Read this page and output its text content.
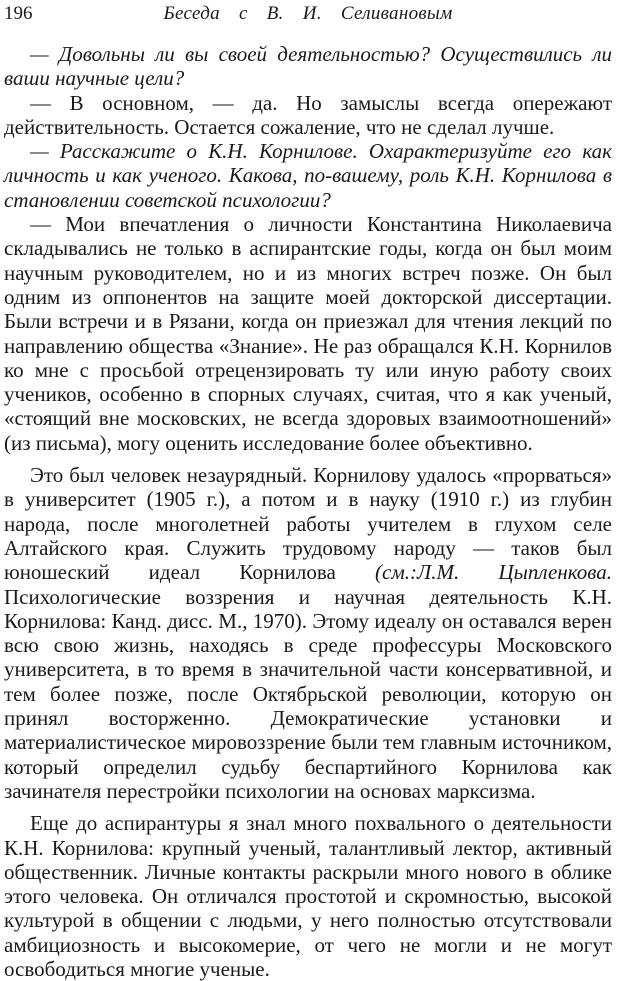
196	Беседа с В. И. Селивановым

— Довольны ли вы своей деятельностью? Осуществились ли ваши научные цели?

— В основном, — да. Но замыслы всегда опережают действительность. Остается сожаление, что не сделал лучше.

— Расскажите о К.Н. Корнилове. Охарактеризуйте его как личность и как ученого. Какова, по-вашему, роль К.Н. Корнилова в становлении советской психологии?

— Мои впечатления о личности Константина Николаевича складывались не только в аспирантские годы, когда он был моим научным руководителем, но и из многих встреч позже. Он был одним из оппонентов на защите моей докторской диссертации. Были встречи и в Рязани, когда он приезжал для чтения лекций по направлению общества «Знание». Не раз обращался К.Н. Корнилов ко мне с просьбой отрецензировать ту или иную работу своих учеников, особенно в спорных случаях, считая, что я как ученый, «стоящий вне московских, не всегда здоровых взаимоотношений» (из письма), могу оценить исследование более объективно.

Это был человек незаурядный. Корнилову удалось «прорваться» в университет (1905 г.), а потом и в науку (1910 г.) из глубин народа, после многолетней работы учителем в глухом селе Алтайского края. Служить трудовому народу — таков был юношеский идеал Корнилова (см.:Л.М. Цыпленкова. Психологические воззрения и научная деятельность К.Н. Корнилова: Канд. дисс. М., 1970). Этому идеалу он оставался верен всю свою жизнь, находясь в среде профессуры Московского университета, в то время в значительной части консервативной, и тем более позже, после Октябрьской революции, которую он принял восторженно. Демократические установки и материалистическое мировоззрение были тем главным источником, который определил судьбу беспартийного Корнилова как зачинателя перестройки психологии на основах марксизма.

Еще до аспирантуры я знал много похвального о деятельности К.Н. Корнилова: крупный ученый, талантливый лектор, активный общественник. Личные контакты раскрыли много нового в облике этого человека. Он отличался простотой и скромностью, высокой культурой в общении с людьми, у него полностью отсутствовали амбициозность и высокомерие, от чего не могли и не могут освободиться многие ученые.
